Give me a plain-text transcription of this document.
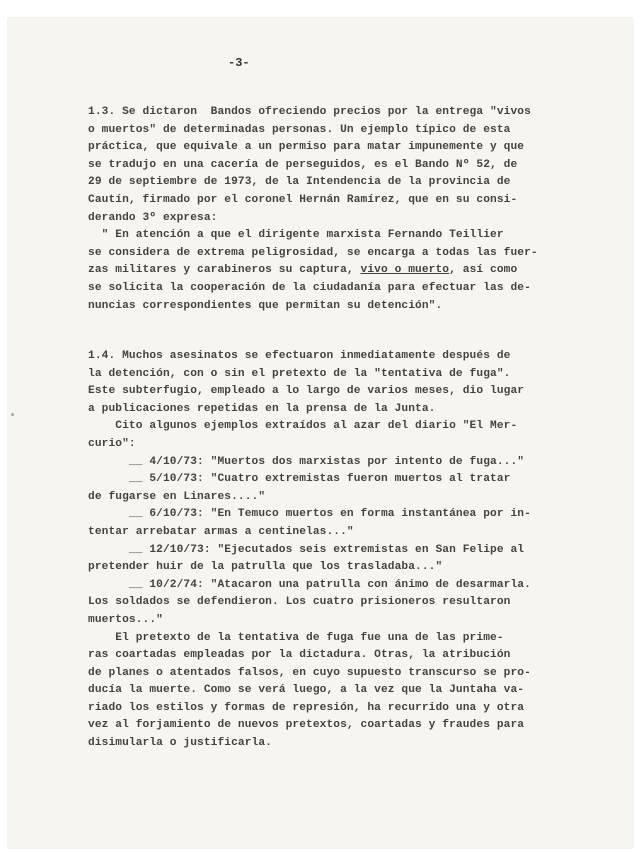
-3-
1.3. Se dictaron  Bandos ofreciendo precios por la entrega "vivos
o muertos" de determinadas personas. Un ejemplo típico de esta
práctica, que equivale a un permiso para matar impunemente y que
se tradujo en una cacería de perseguidos, es el Bando Nº 52, de
29 de septiembre de 1973, de la Intendencia de la provincia de
Cautín, firmado por el coronel Hernán Ramírez, que en su consi-
derando 3º expresa:
" En atención a que el dirigente marxista Fernando Teillier
se considera de extrema peligrosidad, se encarga a todas las fuer-
zas militares y carabineros su captura, vivo o muerto, así como
se solicita la cooperación de la ciudadanía para efectuar las de-
nuncias correspondientes que permitan su detención".
1.4. Muchos asesinatos se efectuaron inmediatamente después de
la detención, con o sin el pretexto de la "tentativa de fuga".
Este subterfugio, empleado a lo largo de varios meses, dio lugar
a publicaciones repetidas en la prensa de la Junta.
Cito algunos ejemplos extraídos al azar del diario "El Mer-
curio":
__ 4/10/73: "Muertos dos marxistas por intento de fuga..."
__ 5/10/73: "Cuatro extremistas fueron muertos al tratar
de fugarse en Linares...."
__ 6/10/73: "En Temuco muertos en forma instantánea por in-
tentar arrebatar armas a centinelas..."
__ 12/10/73: "Ejecutados seis extremistas en San Felipe al
pretender huir de la patrulla que los trasladaba..."
__ 10/2/74: "Atacaron una patrulla con ánimo de desarmarla.
Los soldados se defendieron. Los cuatro prisioneros resultaron
muertos..."
El pretexto de la tentativa de fuga fue una de las prime-
ras coartadas empleadas por la dictadura. Otras, la atribución
de planes o atentados falsos, en cuyo supuesto transcurso se pro-
ducía la muerte. Como se verá luego, a la vez que la Juntaha va-
riado los estilos y formas de represión, ha recurrido una y otra
vez al forjamiento de nuevos pretextos, coartadas y fraudes para
disimularla o justificarla.
